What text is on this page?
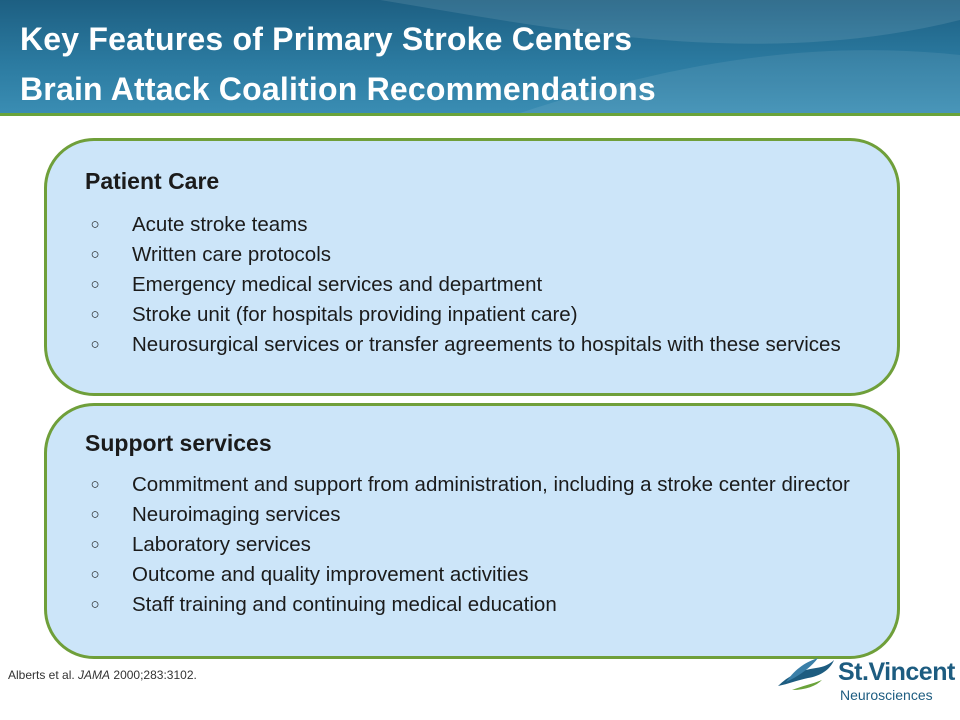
Key Features of Primary Stroke Centers
Brain Attack Coalition Recommendations
Patient Care
○ Acute stroke teams
○ Written care protocols
○ Emergency medical services and department
○ Stroke unit (for hospitals providing inpatient care)
○ Neurosurgical services or transfer agreements to hospitals with these services
Support services
○ Commitment and support from administration, including a stroke center director
○ Neuroimaging services
○ Laboratory services
○ Outcome and quality improvement activities
○ Staff training and continuing medical education
Alberts et al. JAMA 2000;283:3102.	St.Vincent
Neurosciences
